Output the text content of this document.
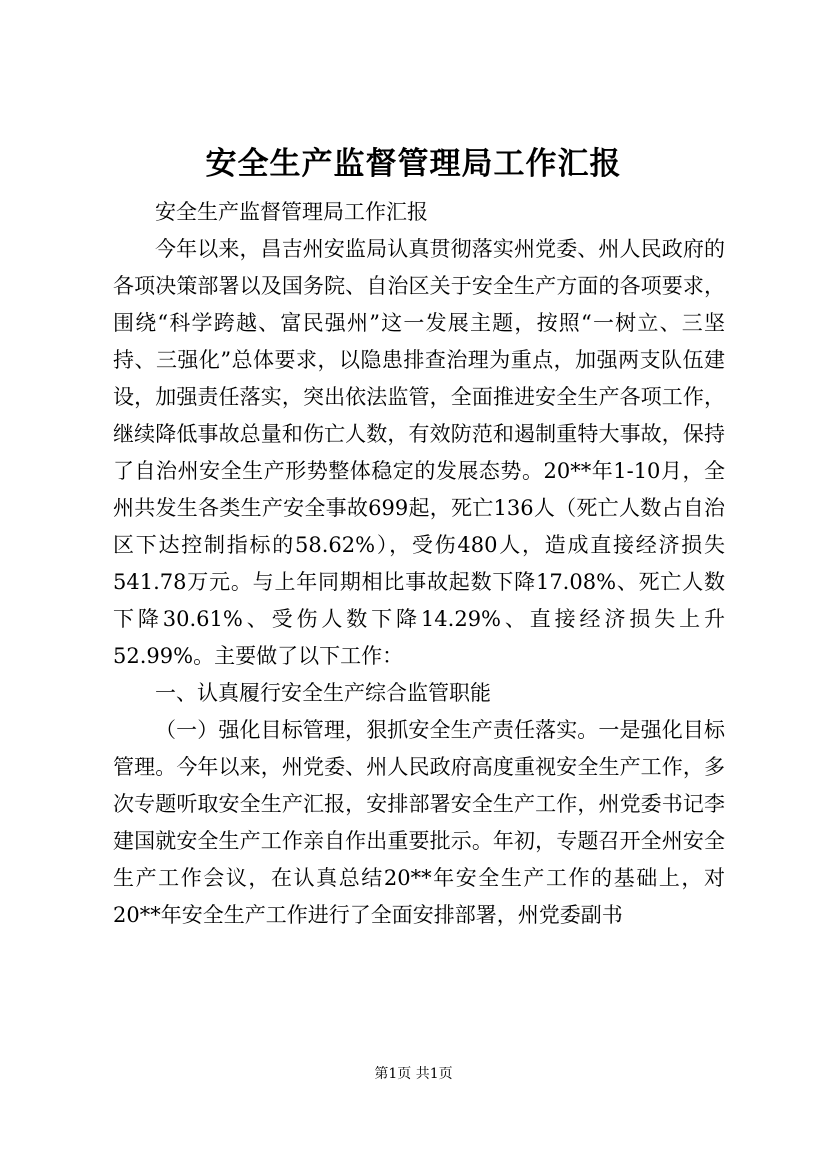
安全生产监督管理局工作汇报

安全生产监督管理局工作汇报

今年以来，昌吉州安监局认真贯彻落实州党委、州人民政府的各项决策部署以及国务院、自治区关于安全生产方面的各项要求，围绕“科学跨越、富民强州”这一发展主题，按照“一树立、三坚持、三强化”总体要求，以隐患排查治理为重点，加强两支队伍建设，加强责任落实，突出依法监管，全面推进安全生产各项工作，继续降低事故总量和伤亡人数，有效防范和遏制重特大事故，保持了自治州安全生产形势整体稳定的发展态势。20**年1-10月，全州共发生各类生产安全事故699起，死亡136人（死亡人数占自治区下达控制指标的58.62%），受伤480人，造成直接经济损失541.78万元。与上年同期相比事故起数下降17.08%、死亡人数下降30.61%、受伤人数下降14.29%、直接经济损失上升52.99%。主要做了以下工作：

一、认真履行安全生产综合监管职能

（一）强化目标管理，狠抓安全生产责任落实。一是强化目标管理。今年以来，州党委、州人民政府高度重视安全生产工作，多次专题听取安全生产汇报，安排部署安全生产工作，州党委书记李建国就安全生产工作亲自作出重要批示。年初，专题召开全州安全生产工作会议，在认真总结20**年安全生产工作的基础上，对20**年安全生产工作进行了全面安排部署，州党委副书

第1页 共1页
